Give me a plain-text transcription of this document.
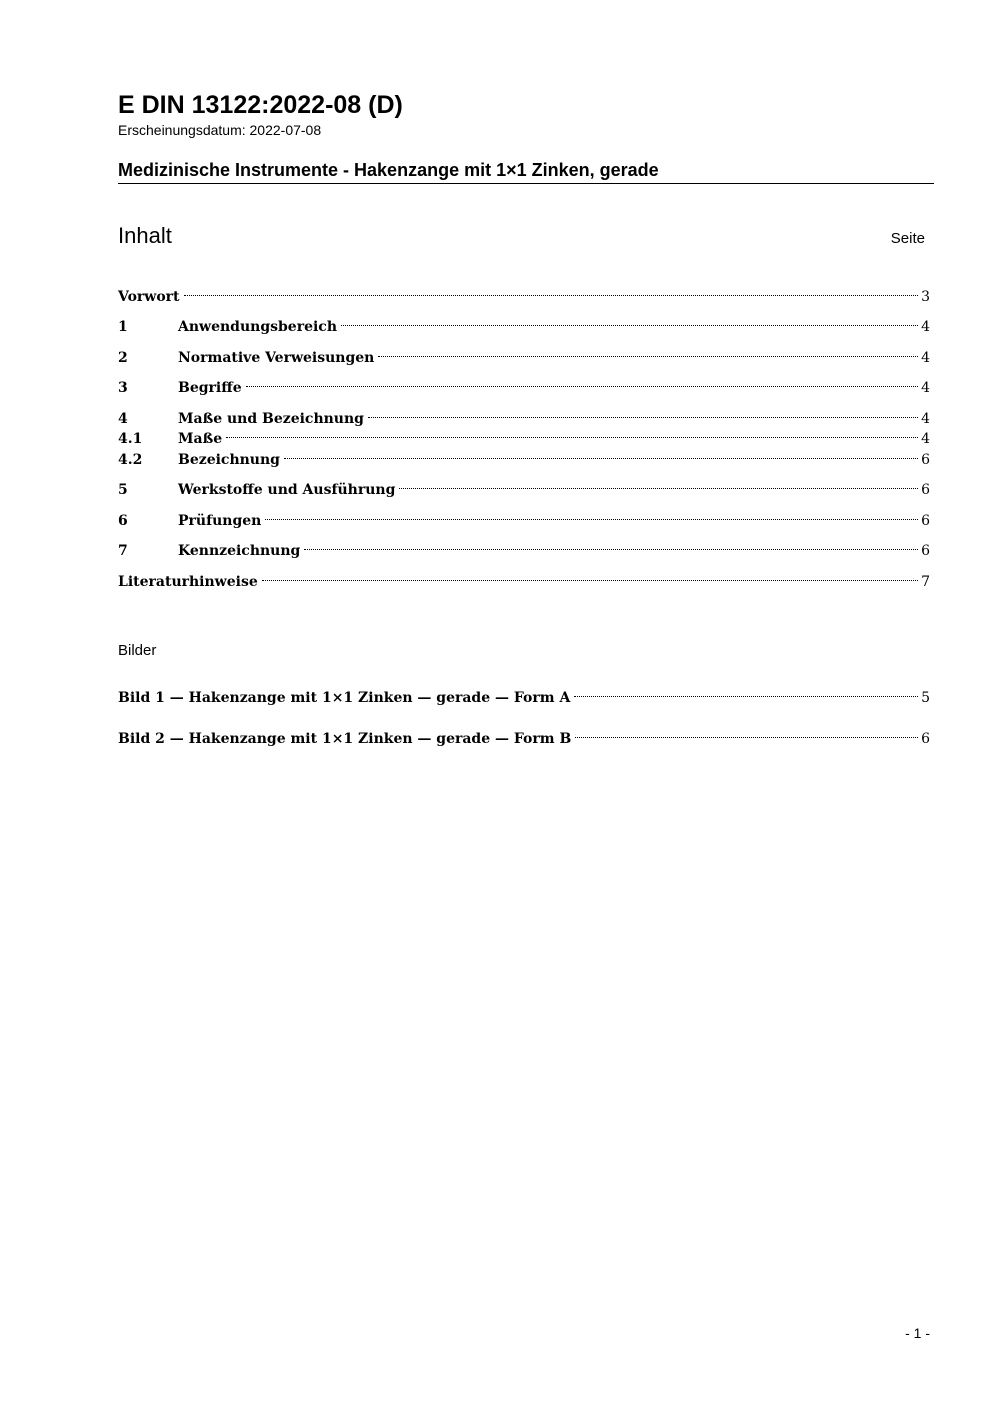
E DIN 13122:2022-08 (D)
Erscheinungsdatum: 2022-07-08
Medizinische Instrumente - Hakenzange mit 1×1 Zinken, gerade
Inhalt	Seite
Vorwort	3
1	Anwendungsbereich	4
2	Normative Verweisungen	4
3	Begriffe	4
4	Maße und Bezeichnung	4
4.1	Maße	4
4.2	Bezeichnung	6
5	Werkstoffe und Ausführung	6
6	Prüfungen	6
7	Kennzeichnung	6
Literaturhinweise	7
Bilder
Bild 1 — Hakenzange mit 1×1 Zinken — gerade — Form A	5
Bild 2 — Hakenzange mit 1×1 Zinken — gerade — Form B	6
- 1 -
